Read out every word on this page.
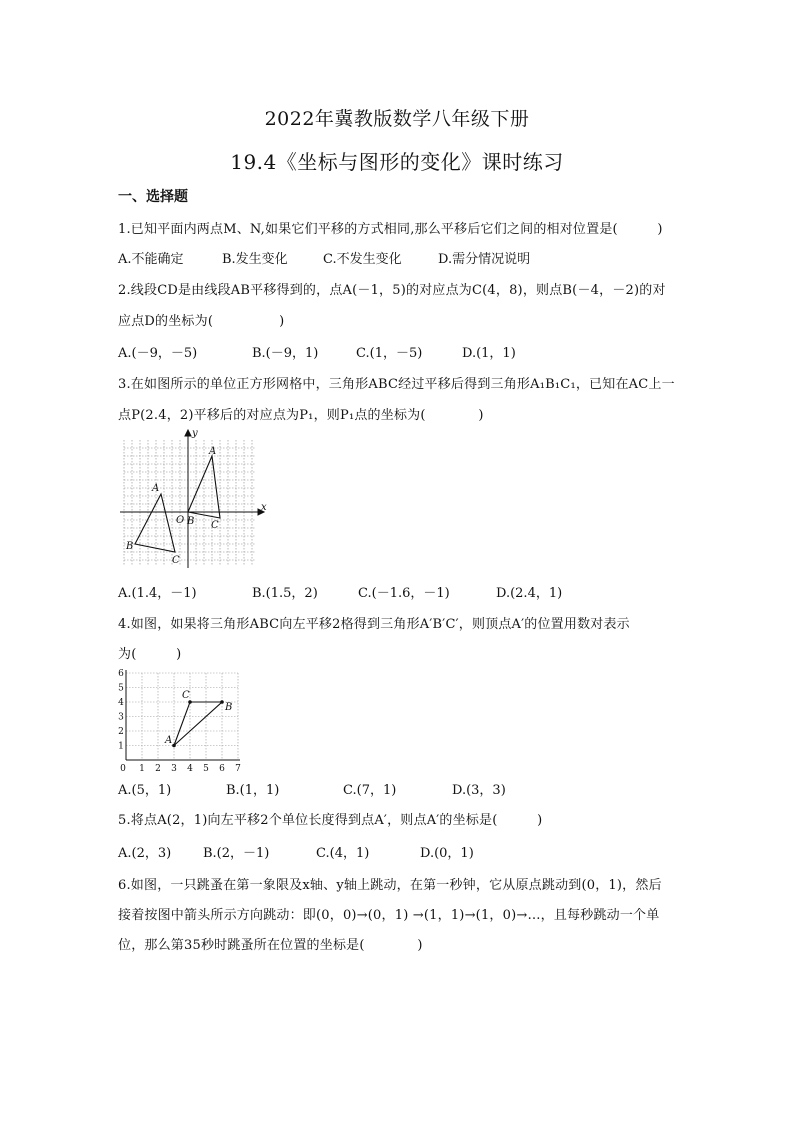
2022年冀教版数学八年级下册
19.4《坐标与图形的变化》课时练习
一、选择题
1.已知平面内两点M、N,如果它们平移的方式相同,那么平移后它们之间的相对位置是(　　　)
A.不能确定	B.发生变化	C.不发生变化	D.需分情况说明
2.线段CD是由线段AB平移得到的，点A(－1，5)的对应点为C(4，8)，则点B(－4，－2)的对
应点D的坐标为(　　　　　)
A.(－9，－5)	B.(－9，1)	C.(1，－5)	D.(1，1)
3.在如图所示的单位正方形网格中，三角形ABC经过平移后得到三角形A₁B₁C₁，已知在AC上一
点P(2.4，2)平移后的对应点为P₁，则P₁点的坐标为(　　　　)
x
y
O
A
B
C
A
B C
A.(1.4，－1)	B.(1.5，2)	C.(－1.6，－1)	D.(2.4，1)
4.如图，如果将三角形ABC向左平移2格得到三角形A′B′C′，则顶点A′的位置用数对表示
为(　　　)
0 1 2 3 4 5 6 7
1
2
3
4
5
6
A
B
C
A.(5，1)	B.(1，1)	C.(7，1)	D.(3，3)
5.将点A(2，1)向左平移2个单位长度得到点A′，则点A′的坐标是(　　　)
A.(2，3) B.(2，－1)	C.(4，1)	D.(0，1)
6.如图，一只跳蚤在第一象限及x轴、y轴上跳动，在第一秒钟，它从原点跳动到(0，1)，然后
接着按图中箭头所示方向跳动：即(0，0)→(0，1) →(1，1)→(1，0)→…，且每秒跳动一个单
位，那么第35秒时跳蚤所在位置的坐标是(　　　　)
